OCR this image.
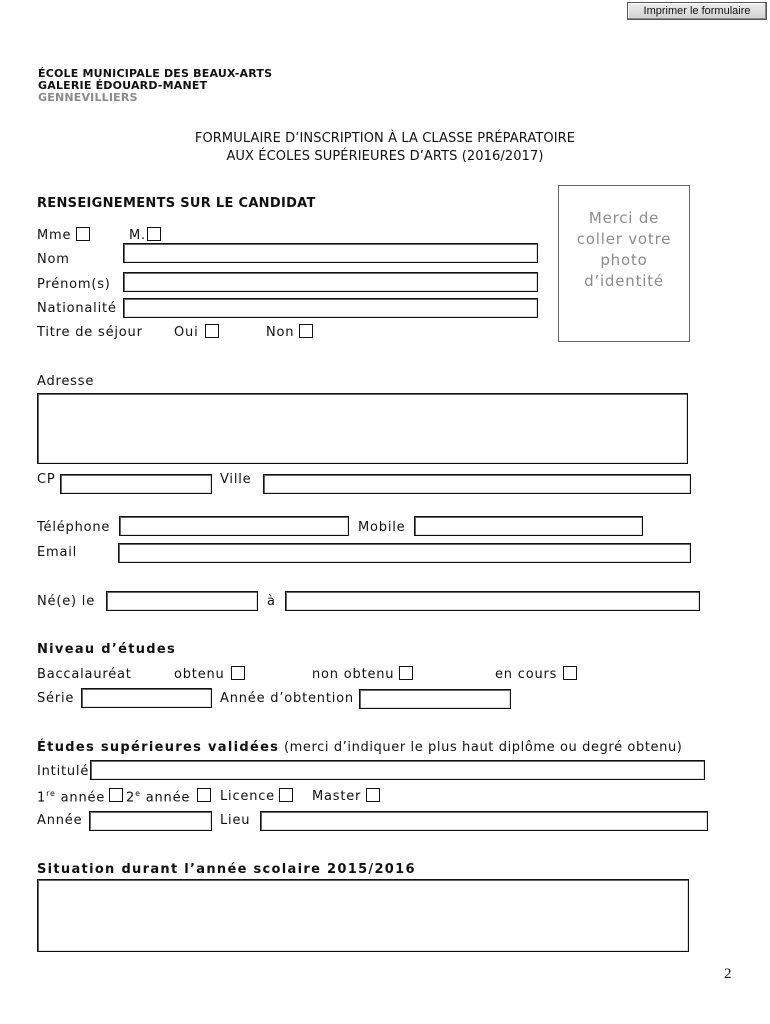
Imprimer le formulaire
ÉCOLE MUNICIPALE DES BEAUX-ARTS
GALERIE ÉDOUARD-MANET
GENNEVILLIERS
FORMULAIRE D’INSCRIPTION À LA CLASSE PRÉPARATOIRE
AUX ÉCOLES SUPÉRIEURES D’ARTS (2016/2017)
RENSEIGNEMENTS SUR LE CANDIDAT
Merci de
coller votre
photo
d’identité
Mme	M.
Nom
Prénom(s)
Nationalité
Titre de séjour Oui	Non
Adresse
CP	Ville
Téléphone	Mobile
Email
Né(e) le	à
Niveau d’études
Baccalauréat	obtenu	non obtenu	en cours
Série	Année d’obtention
Études supérieures validées (merci d’indiquer le plus haut diplôme ou degré obtenu)
Intitulé
1re année 2e année Licence	Master
Année	Lieu
Situation durant l’année scolaire 2015/2016
2
